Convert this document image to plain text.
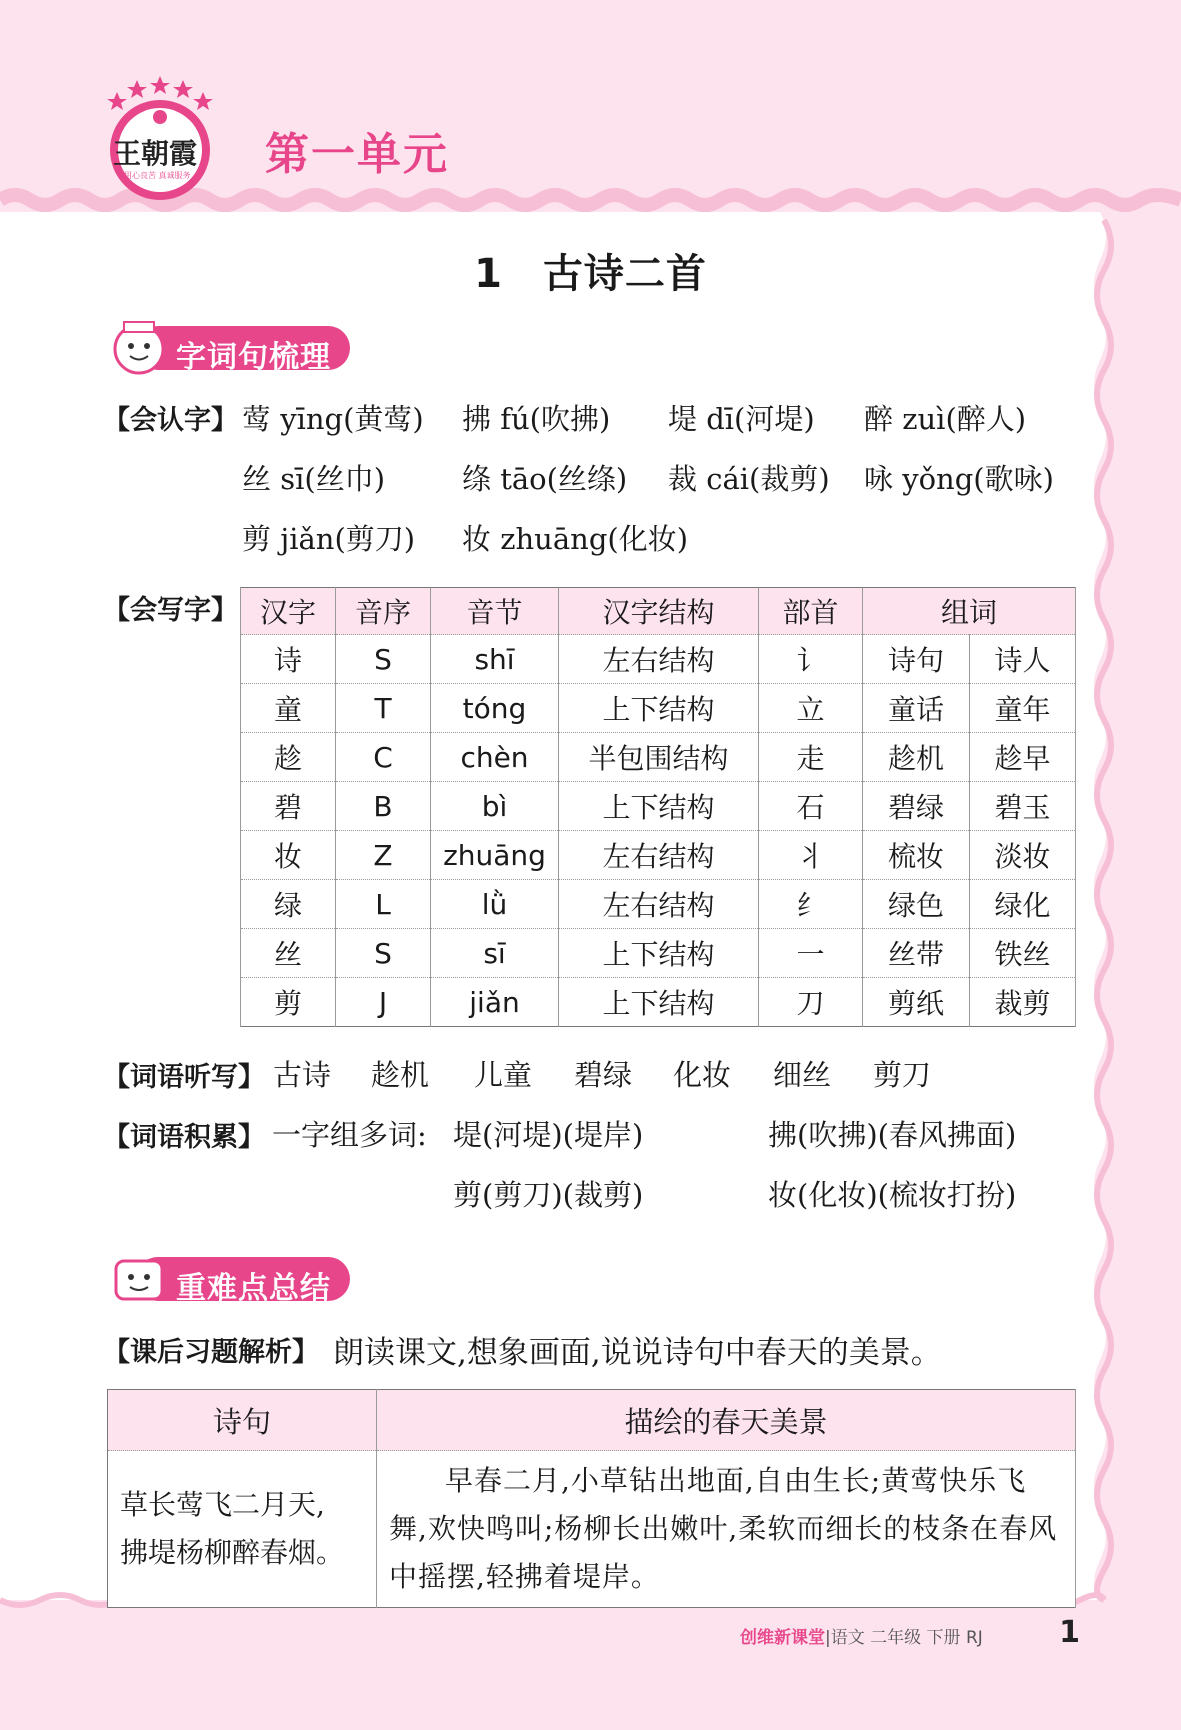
王朝霞
用心良苦 真诚服务 第一单元
1 古诗二首
字词句梳理
【会认字】 莺 yīng(黄莺) 拂 fú(吹拂) 堤 dī(河堤) 醉 zuì(醉人)
丝 sī(丝巾)	绦 tāo(丝绦) 裁 cái(裁剪) 咏 yǒng(歌咏)
剪 jiǎn(剪刀) 妆 zhuāng(化妆)
【会写字】 汉字	音序	音节	汉字结构	部首	组词	
诗	S	shī	左右结构	讠	诗句	诗人
童	T	tóng	上下结构	立	童话	童年
趁	C	chèn	半包围结构	走	趁机	趁早
碧	B	bì	上下结构	石	碧绿	碧玉
妆	Z	zhuāng	左右结构	丬	梳妆	淡妆
绿	L	lǜ	左右结构	纟	绿色	绿化
丝	S	sī	上下结构	一	丝带	铁丝
剪	J	jiǎn	上下结构	刀	剪纸	裁剪
【词语听写】 古诗 趁机 儿童 碧绿 化妆 细丝 剪刀
【词语积累】 一字组多词: 堤(河堤)(堤岸)	拂(吹拂)(春风拂面)
剪(剪刀)(裁剪)	妆(化妆)(梳妆打扮)
重难点总结
【课后习题解析】 朗读课文,想象画面,说说诗句中春天的美景。
诗句	描绘的春天美景

草长莺飞二月天,
拂堤杨柳醉春烟。	早春二月,小草钻出地面,自由生长;黄莺快乐飞舞,欢快鸣叫;杨柳长出嫩叶,柔软而细长的枝条在春风中摇摆,轻拂着堤岸。
创维新课堂|语文 二年级 下册 RJ	1
